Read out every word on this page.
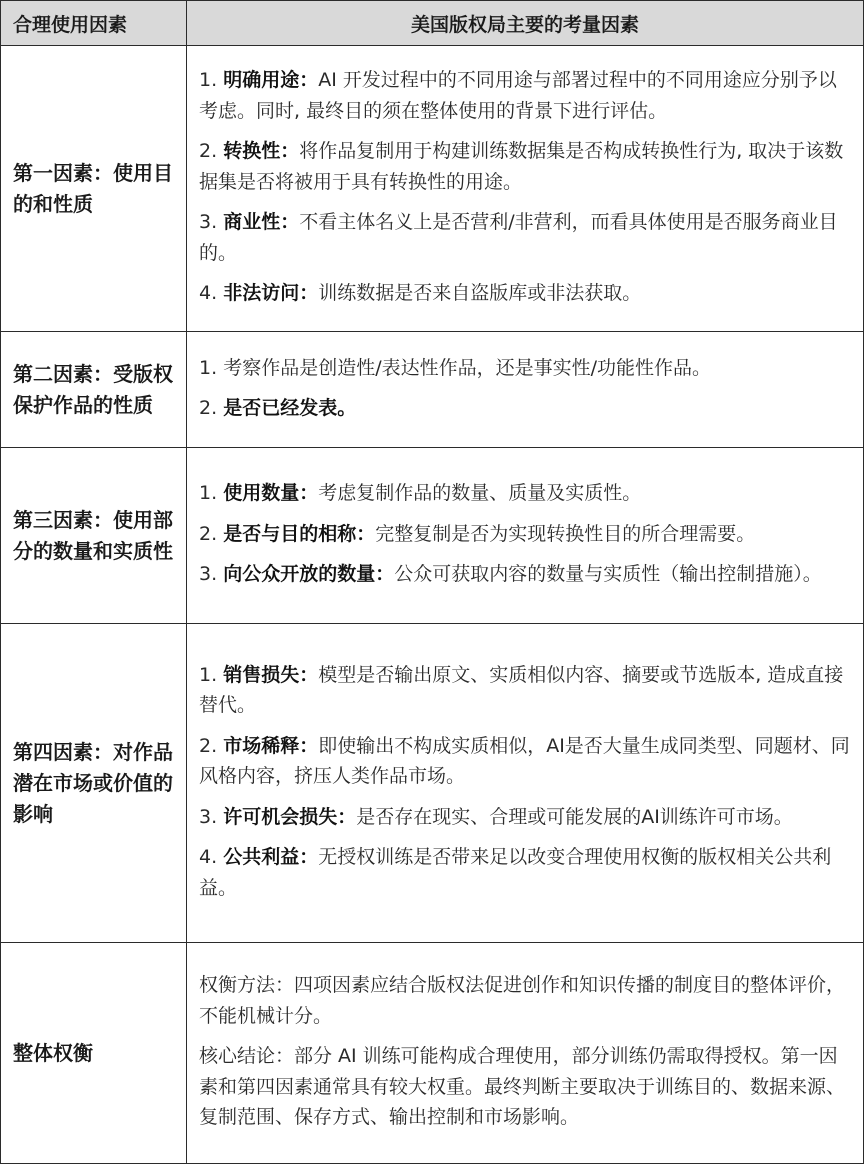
合理使用因素	美国版权局主要的考量因素
第一因素：使用目的和性质	1. 明确用途：AI 开发过程中的不同用途与部署过程中的不同用途应分别予以考虑。同时, 最终目的须在整体使用的背景下进行评估。
2. 转换性：将作品复制用于构建训练数据集是否构成转换性行为, 取决于该数据集是否将被用于具有转换性的用途。
3. 商业性：不看主体名义上是否营利/非营利，而看具体使用是否服务商业目的。
4. 非法访问：训练数据是否来自盗版库或非法获取。

第二因素：受版权保护作品的性质	1. 考察作品是创造性/表达性作品，还是事实性/功能性作品。
2. 是否已经发表。

第三因素：使用部分的数量和实质性	1. 使用数量：考虑复制作品的数量、质量及实质性。
2. 是否与目的相称：完整复制是否为实现转换性目的所合理需要。
3. 向公众开放的数量：公众可获取内容的数量与实质性（输出控制措施）。

第四因素：对作品潜在市场或价值的影响	1. 销售损失：模型是否输出原文、实质相似内容、摘要或节选版本, 造成直接替代。
2. 市场稀释：即使输出不构成实质相似，AI是否大量生成同类型、同题材、同风格内容，挤压人类作品市场。
3. 许可机会损失：是否存在现实、合理或可能发展的AI训练许可市场。
4. 公共利益：无授权训练是否带来足以改变合理使用权衡的版权相关公共利益。

整体权衡	权衡方法：四项因素应结合版权法促进创作和知识传播的制度目的整体评价，不能机械计分。
核心结论：部分 AI 训练可能构成合理使用，部分训练仍需取得授权。第一因素和第四因素通常具有较大权重。最终判断主要取决于训练目的、数据来源、复制范围、保存方式、输出控制和市场影响。
